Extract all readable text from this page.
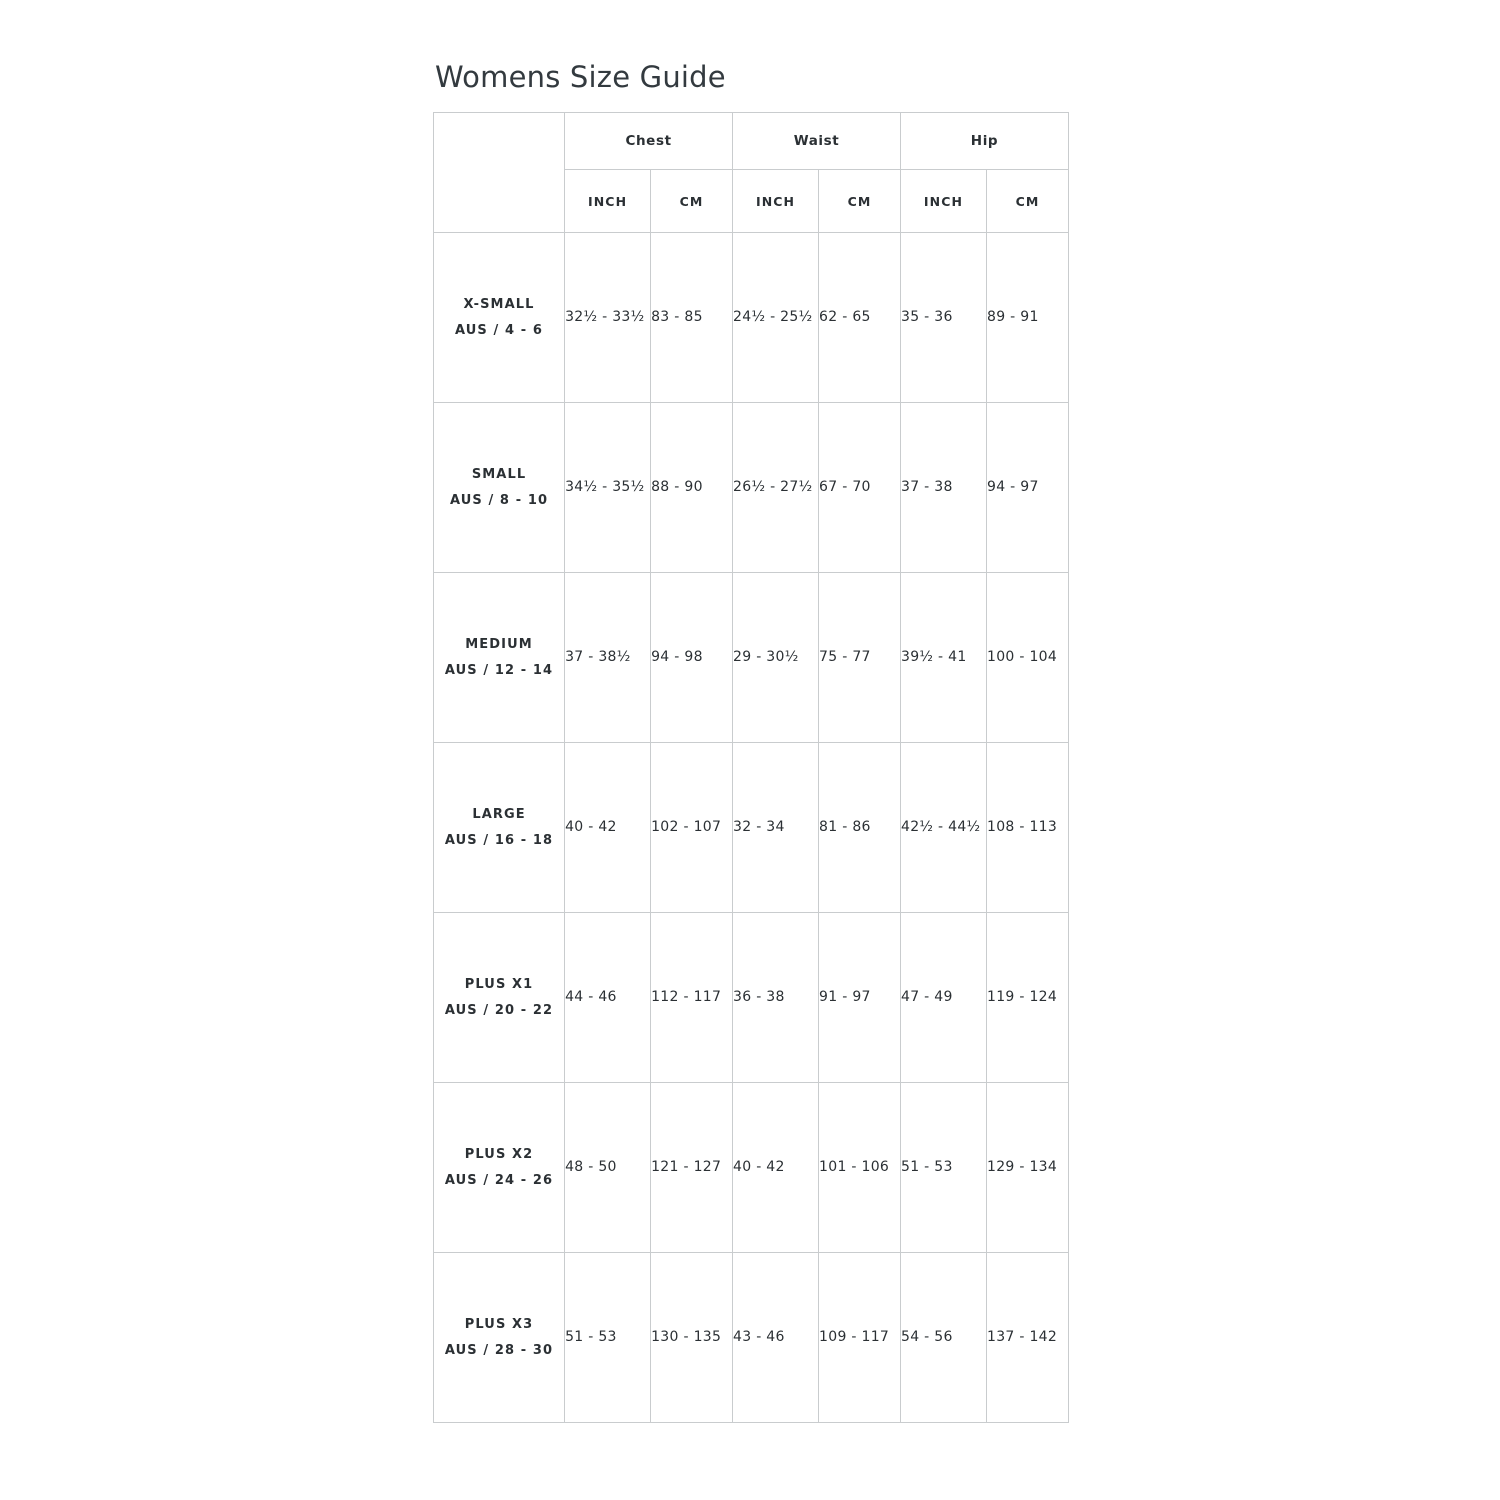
Womens Size Guide
	Chest		Waist		Hip	
	INCH	CM	INCH	CM	INCH	CM

X-SMALL
AUS / 4 - 6	32½ - 33½	83 - 85	24½ - 25½	62 - 65	35 - 36	89 - 91

SMALL
AUS / 8 - 10	34½ - 35½	88 - 90	26½ - 27½	67 - 70	37 - 38	94 - 97

MEDIUM
AUS / 12 - 14	37 - 38½	94 - 98	29 - 30½	75 - 77	39½ - 41	100 - 104

LARGE
AUS / 16 - 18	40 - 42	102 - 107	32 - 34	81 - 86	42½ - 44½	108 - 113

PLUS X1
AUS / 20 - 22	44 - 46	112 - 117	36 - 38	91 - 97	47 - 49	119 - 124

PLUS X2
AUS / 24 - 26	48 - 50	121 - 127	40 - 42	101 - 106	51 - 53	129 - 134

PLUS X3
AUS / 28 - 30	51 - 53	130 - 135	43 - 46	109 - 117	54 - 56	137 - 142
